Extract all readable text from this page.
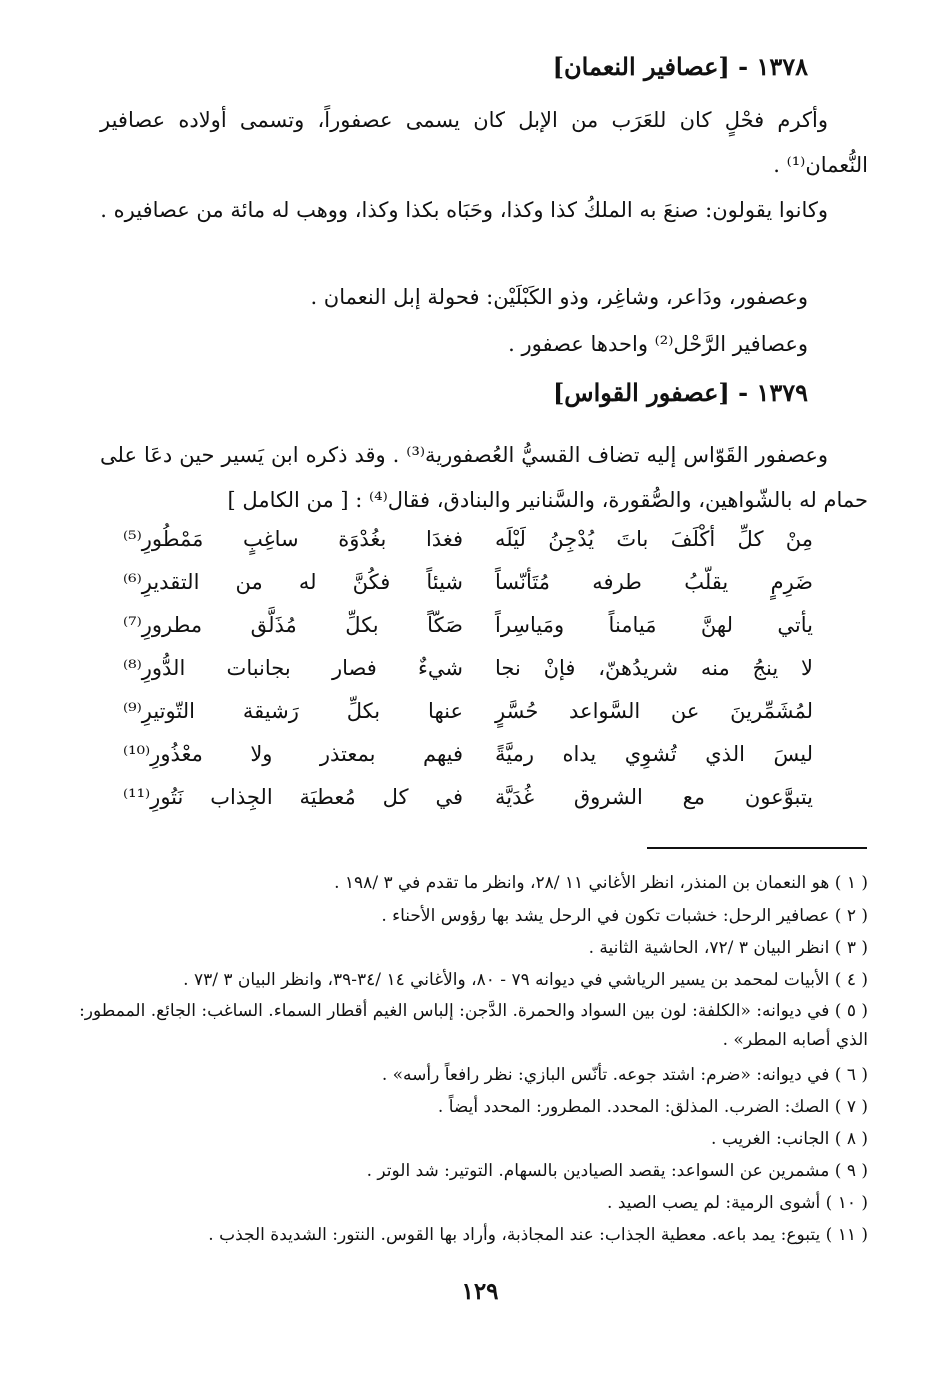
١٣٧٨ - [عصافير النعمان]
وأكرم فحْلٍ كان للعَرَب من الإبل كان يسمى عصفوراً، وتسمى أولاده عصافير النُّعمان⁽¹⁾ .
وكانوا يقولون: صنعَ به الملكُ كذا وكذا، وحَبَاه بكذا وكذا، ووهب له مائة من عصافيره .
وعصفور، ودَاعر، وشاغِر، وذو الكَبْلَيْن: فحولة إبل النعمان .
وعصافير الرَّحْل⁽²⁾ واحدها عصفور .
١٣٧٩ - [عصفور القواس]
وعصفور القَوّاس إليه تضاف القسيُّ العُصفورية⁽³⁾ . وقد ذكره ابن يَسير حين دعَا على حمام له بالشّواهين، والصُّقورة، والسَّنانير والبنادق، فقال⁽⁴⁾ : [ من الكامل ]
مِنْ كلِّ أكْلَفَ باتَ يُدْجِنُ لَيْلَه
فغدَا بغُدْوَة ساغِبٍ مَمْطُورِ⁽⁵⁾
ضَرِمٍ يقلّبُ طرفه مُتَأنّساً
شيئاً فكُنَّ له من التقديرِ⁽⁶⁾
يأتي لهنَّ مَيامناً ومَياسِراً
صَكّاً بكلِّ مُذَلَّق مطرورِ⁽⁷⁾
لا ينجُ منه شريدُهنّ، فإنْ نجا
شيءٌ فصار بجانبات الدُّورِ⁽⁸⁾
لمُشَمِّرينَ عن السَّواعد حُسَّرٍ
عنها بكلِّ رَشيقة التّوتيرِ⁽⁹⁾
ليسَ الذي تُشوِي يداه رميَّةً
فيهم بمعتذر ولا معْذُورِ⁽¹⁰⁾
يتبوَّعون مع الشروق غُدَيَّة
في كل مُعطيَة الجِذاب نَتُورِ⁽¹¹⁾
( ١ ) هو النعمان بن المنذر، انظر الأغاني ١١ /٢٨، وانظر ما تقدم في ٣ /١٩٨ .
( ٢ ) عصافير الرحل: خشبات تكون في الرحل يشد بها رؤوس الأحناء .
( ٣ ) انظر البيان ٣ /٧٢، الحاشية الثانية .
( ٤ ) الأبيات لمحمد بن يسير الرياشي في ديوانه ٧٩ - ٨٠، والأغاني ١٤ /٣٤-٣٩، وانظر البيان ٣ /٧٣ .
( ٥ ) في ديوانه: «الكلفة: لون بين السواد والحمرة. الدَّجن: إلباس الغيم أقطار السماء. الساغب: الجائع. الممطور: الذي أصابه المطر» .
( ٦ ) في ديوانه: «ضرم: اشتد جوعه. تأنّس البازي: نظر رافعاً رأسه» .
( ٧ ) الصك: الضرب. المذلق: المحدد. المطرور: المحدد أيضاً .
( ٨ ) الجانب: الغريب .
( ٩ ) مشمرين عن السواعد: يقصد الصيادين بالسهام. التوتير: شد الوتر .
( ١٠ ) أشوى الرمية: لم يصب الصيد .
( ١١ ) يتبوع: يمد باعه. معطية الجذاب: عند المجاذبة، وأراد بها القوس. النتور: الشديدة الجذب .
١٢٩
